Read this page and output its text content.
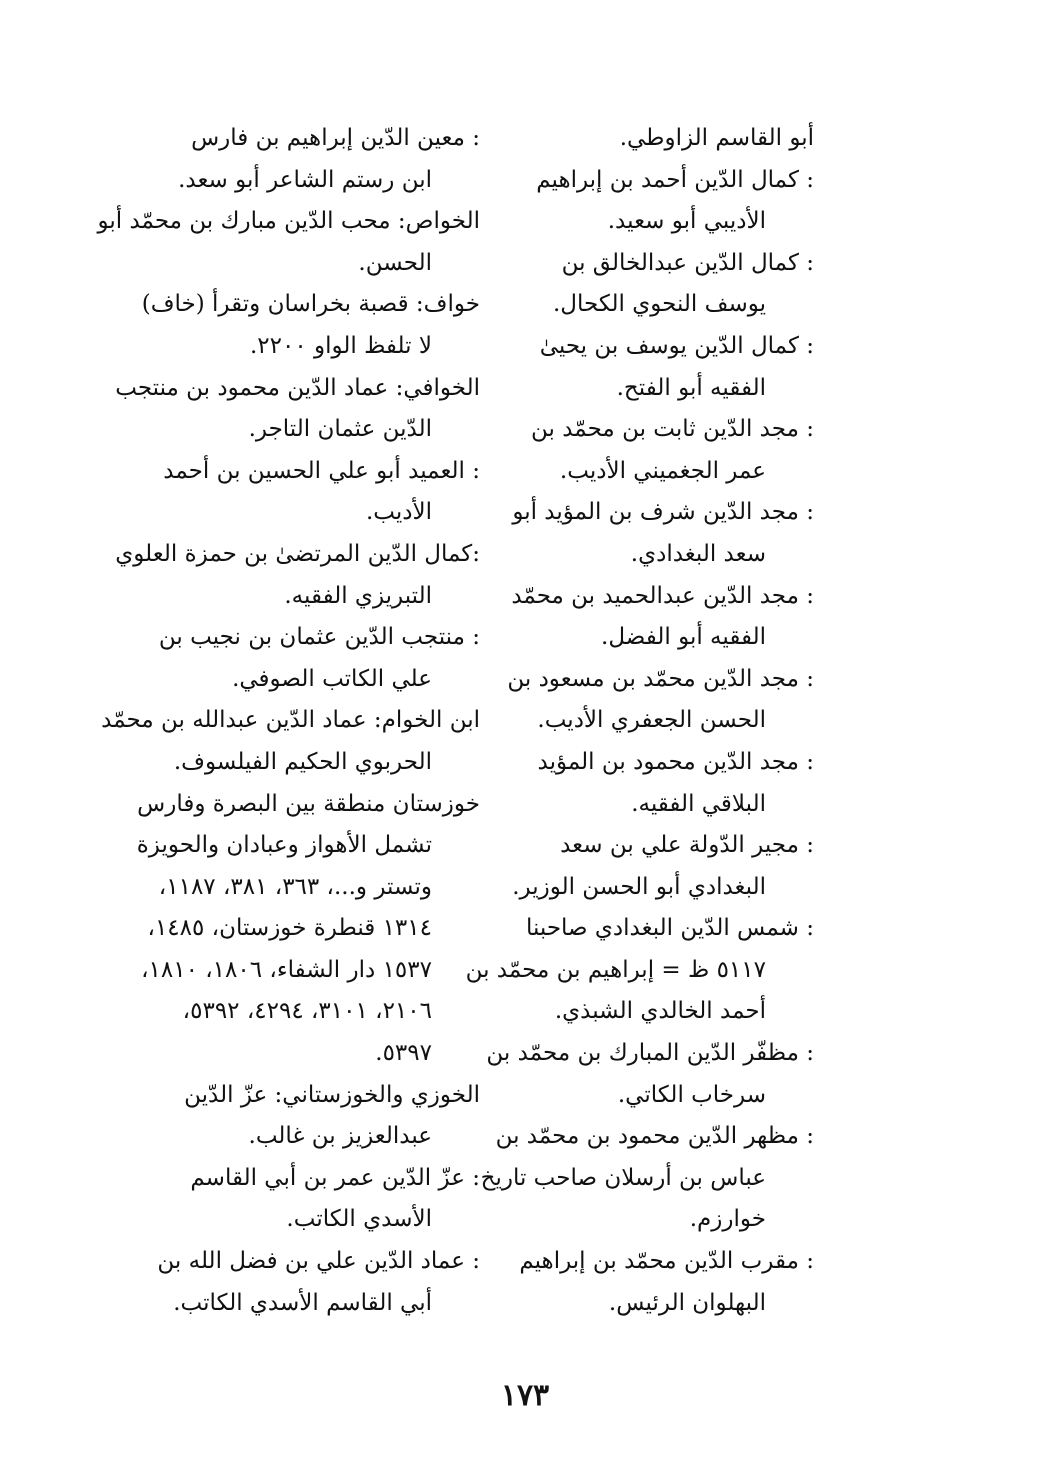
أبو القاسم الزاوطي.
: كمال الدّين أحمد بن إبراهيم
الأديبي أبو سعيد.
: كمال الدّين عبدالخالق بن
يوسف النحوي الكحال.
: كمال الدّين يوسف بن يحيىٰ
الفقيه أبو الفتح.
: مجد الدّين ثابت بن محمّد بن
عمر الجغميني الأديب.
: مجد الدّين شرف بن المؤيد أبو
سعد البغدادي.
: مجد الدّين عبدالحميد بن محمّد
الفقيه أبو الفضل.
: مجد الدّين محمّد بن مسعود بن
الحسن الجعفري الأديب.
: مجد الدّين محمود بن المؤيد
البلاقي الفقيه.
: مجير الدّولة علي بن سعد
البغدادي أبو الحسن الوزير.
: شمس الدّين البغدادي صاحبنا
٥١١٧ ظ = إبراهيم بن محمّد بن
أحمد الخالدي الشبذي.
: مظفّر الدّين المبارك بن محمّد بن
سرخاب الكاتي.
: مظهر الدّين محمود بن محمّد بن
عباس بن أرسلان صاحب تاريخ
خوارزم.
: مقرب الدّين محمّد بن إبراهيم
البهلوان الرئيس.
: معين الدّين إبراهيم بن فارس
ابن رستم الشاعر أبو سعد.
الخواص: محب الدّين مبارك بن محمّد أبو
الحسن.
خواف: قصبة بخراسان وتقرأ (خاف)
لا تلفظ الواو ٢٢٠٠.
الخوافي: عماد الدّين محمود بن منتجب
الدّين عثمان التاجر.
: العميد أبو علي الحسين بن أحمد
الأديب.
:كمال الدّين المرتضىٰ بن حمزة العلوي
التبريزي الفقيه.
: منتجب الدّين عثمان بن نجيب بن
علي الكاتب الصوفي.
ابن الخوام: عماد الدّين عبدالله بن محمّد
الحربوي الحكيم الفيلسوف.
خوزستان منطقة بين البصرة وفارس
تشمل الأهواز وعبادان والحويزة
وتستر و...، ٣٦٣، ٣٨١، ١١٨٧،
١٣١٤ قنطرة خوزستان، ١٤٨٥،
١٥٣٧ دار الشفاء، ١٨٠٦، ١٨١٠،
٢١٠٦، ٣١٠١، ٤٢٩٤، ٥٣٩٢،
٥٣٩٧.
الخوزي والخوزستاني: عزّ الدّين
عبدالعزيز بن غالب.
: عزّ الدّين عمر بن أبي القاسم
الأسدي الكاتب.
: عماد الدّين علي بن فضل الله بن
أبي القاسم الأسدي الكاتب.
١٧٣
